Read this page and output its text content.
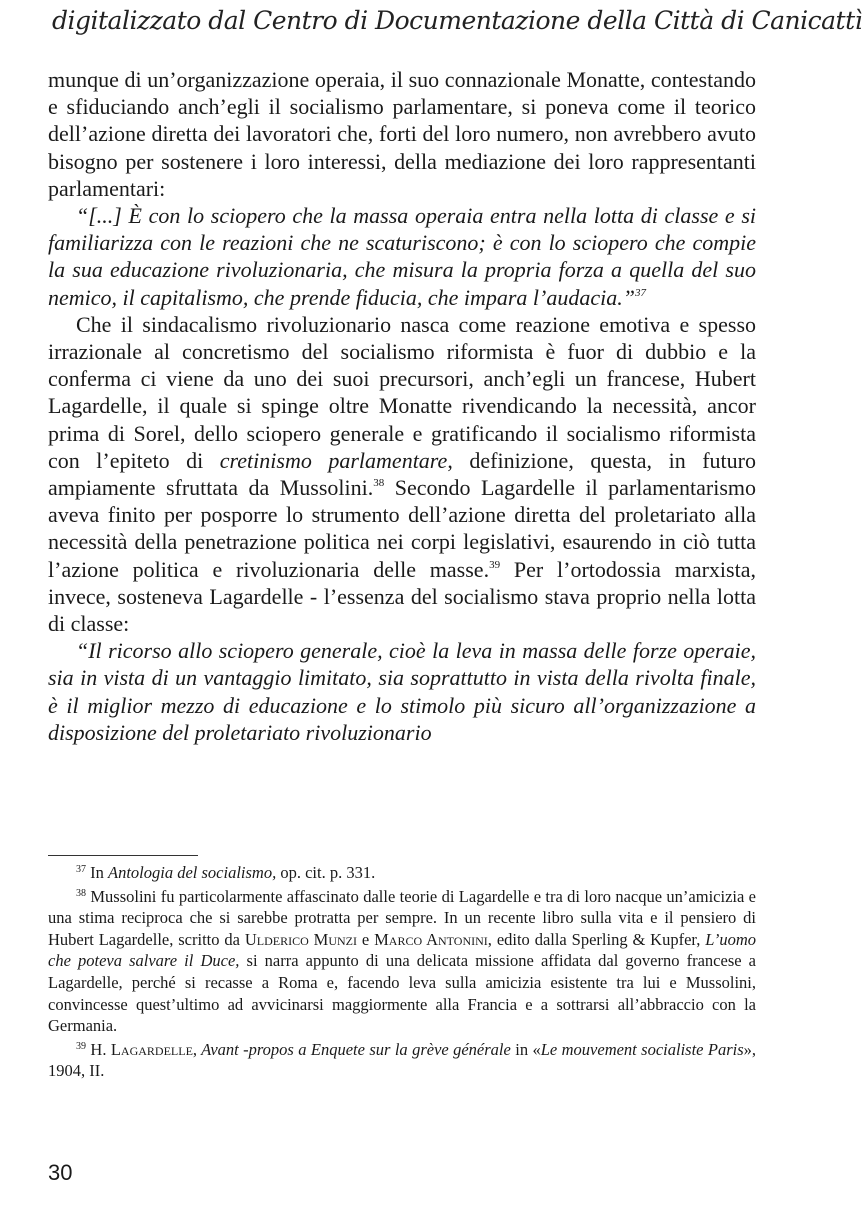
digitalizzato dal Centro di Documentazione della Città di Canicattì

munque di un’organizzazione operaia, il suo connazionale Monatte, contestando e sfiduciando anch’egli il socialismo parlamentare, si poneva come il teorico dell’azione diretta dei lavoratori che, forti del loro numero, non avrebbero avuto bisogno per sostenere i loro interessi, della mediazione dei loro rappresentanti parlamentari:

“[...] È con lo sciopero che la massa operaia entra nella lotta di classe e si familiarizza con le reazioni che ne scaturiscono; è con lo sciopero che compie la sua educazione rivoluzionaria, che misura la propria forza a quella del suo nemico, il capitalismo, che prende fiducia, che impara l’audacia.”$^{37}$

Che il sindacalismo rivoluzionario nasca come reazione emotiva e spesso irrazionale al concretismo del socialismo riformista è fuor di dubbio e la conferma ci viene da uno dei suoi precursori, anch’egli un francese, Hubert Lagardelle, il quale si spinge oltre Monatte rivendicando la necessità, ancor prima di Sorel, dello sciopero generale e gratificando il socialismo riformista con l’epiteto di cretinismo parlamentare, definizione, questa, in futuro ampiamente sfruttata da Mussolini.$^{38}$ Secondo Lagardelle il parlamentarismo aveva finito per posporre lo strumento dell’azione diretta del proletariato alla necessità della penetrazione politica nei corpi legislativi, esaurendo in ciò tutta l’azione politica e rivoluzionaria delle masse.$^{39}$ Per l’ortodossia marxista, invece, sosteneva Lagardelle - l’essenza del socialismo stava proprio nella lotta di classe:

“Il ricorso allo sciopero generale, cioè la leva in massa delle forze operaie, sia in vista di un vantaggio limitato, sia soprattutto in vista della rivolta finale, è il miglior mezzo di educazione e lo stimolo più sicuro all’organizzazione a disposizione del proletariato rivoluzionario

$^{37}$ In Antologia del socialismo, op. cit. p. 331.

$^{38}$ Mussolini fu particolarmente affascinato dalle teorie di Lagardelle e tra di loro nacque un’amicizia e una stima reciproca che si sarebbe protratta per sempre. In un recente libro sulla vita e il pensiero di Hubert Lagardelle, scritto da Ulderico Munzi e Marco Antonini, edito dalla Sperling & Kupfer, L’uomo che poteva salvare il Duce, si narra appunto di una delicata missione affidata dal governo francese a Lagardelle, perché si recasse a Roma e, facendo leva sulla amicizia esistente tra lui e Mussolini, convincesse quest’ultimo ad avvicinarsi maggiormente alla Francia e a sottrarsi all’abbraccio con la Germania.

$^{39}$ H. Lagardelle, Avant -propos a Enquete sur la grève générale in «Le mouvement socialiste Paris», 1904, II.

30
